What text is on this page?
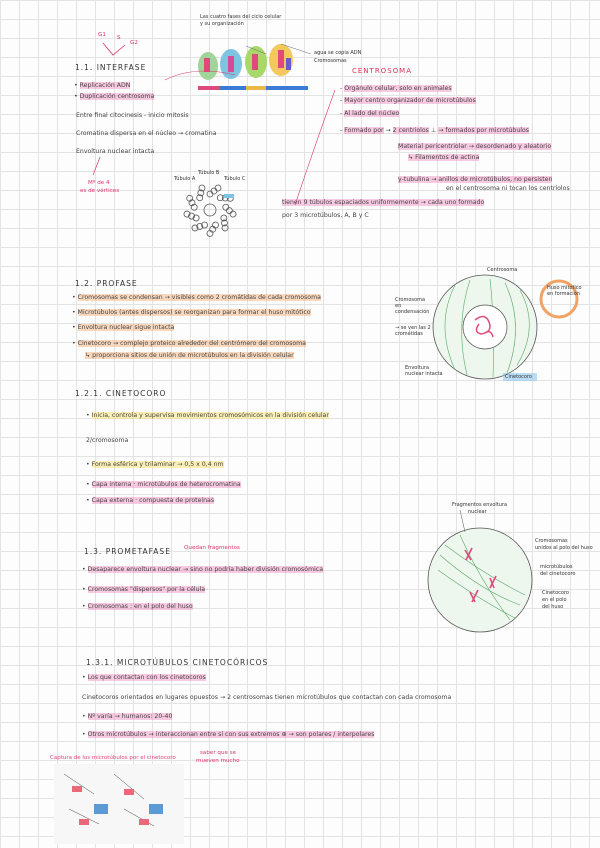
Las cuatro fases del ciclo celular
y su organización
agua se copia ADN
Cromosomas
G1 S
G2
1.1. INTERFASE
• Replicación ADN
• Duplicación centrosoma
Entre final citocinesis - inicio mitosis
Cromatina dispersa en el núcleo → cromatina
Envoltura nuclear intacta
Mº de 4
es de vértices
CENTROSOMA
- Orgánulo celular, solo en animales
- Mayor centro organizador de microtúbulos
- Al lado del núcleo
- Formado por → 2 centriolos ⊥ → formados por microtúbulos
Material pericentriolar → desordenado y aleatorio
↳ Filamentos de actina
γ-tubulina → anillos de microtúbulos, no persisten
en el centrosoma ni tocan los centríolos
tienen 9 túbulos espaciados uniformemente → cada uno formado
por 3 microtúbulos, A, B y C
Túbulo A
Túbulo B
Túbulo C
1.2. PROFASE
• Cromosomas se condensan → visibles como 2 cromátidas de cada cromosoma
• Microtúbulos (antes dispersos) se reorganizan para formar el huso mitótico
• Envoltura nuclear sigue intacta
• Cinetocoro → complejo proteico alrededor del centrómero del cromosoma
↳ proporciona sitios de unión de microtúbulos en la división celular
Centrosoma
Huso mitótico en formación
Cromosoma en condensación
→ se ven las 2 cromátidas
Envoltura nuclear intacta	Cinetocoro
1.2.1. CINETOCORO
• Inicia, controla y supervisa movimientos cromosómicos en la división celular
2/cromosoma
• Forma esférica y trilaminar → 0,5 x 0,4 nm
• Capa interna · microtúbulos de heterocromatina
• Capa externa · compuesta de proteínas
Quedan fragmentos
1.3. PROMETAFASE
• Desaparece envoltura nuclear → sino no podría haber división cromosómica
• Cromosomas "dispersos" por la célula
• Cromosomas : en el polo del huso
Fragmentos envoltura
nuclear
Cromosomas
unidos al polo del huso
microtúbulos
del cinetocoro
Cinetocoro
en el polo
del huso
1.3.1. MICROTÚBULOS CINETOCÓRICOS
• Los que contactan con los cinetocoros
Cinetocoros orientados en lugares opuestos → 2 centrosomas tienen microtúbulos que contactan con cada cromosoma
• Nº varía → humanos: 20-40
• Otros microtúbulos → interaccionan entre sí con sus extremos ⊕ → son polares / interpolares
Captura de los microtúbulos por el cinetocoro
saber que se
mueven mucho
